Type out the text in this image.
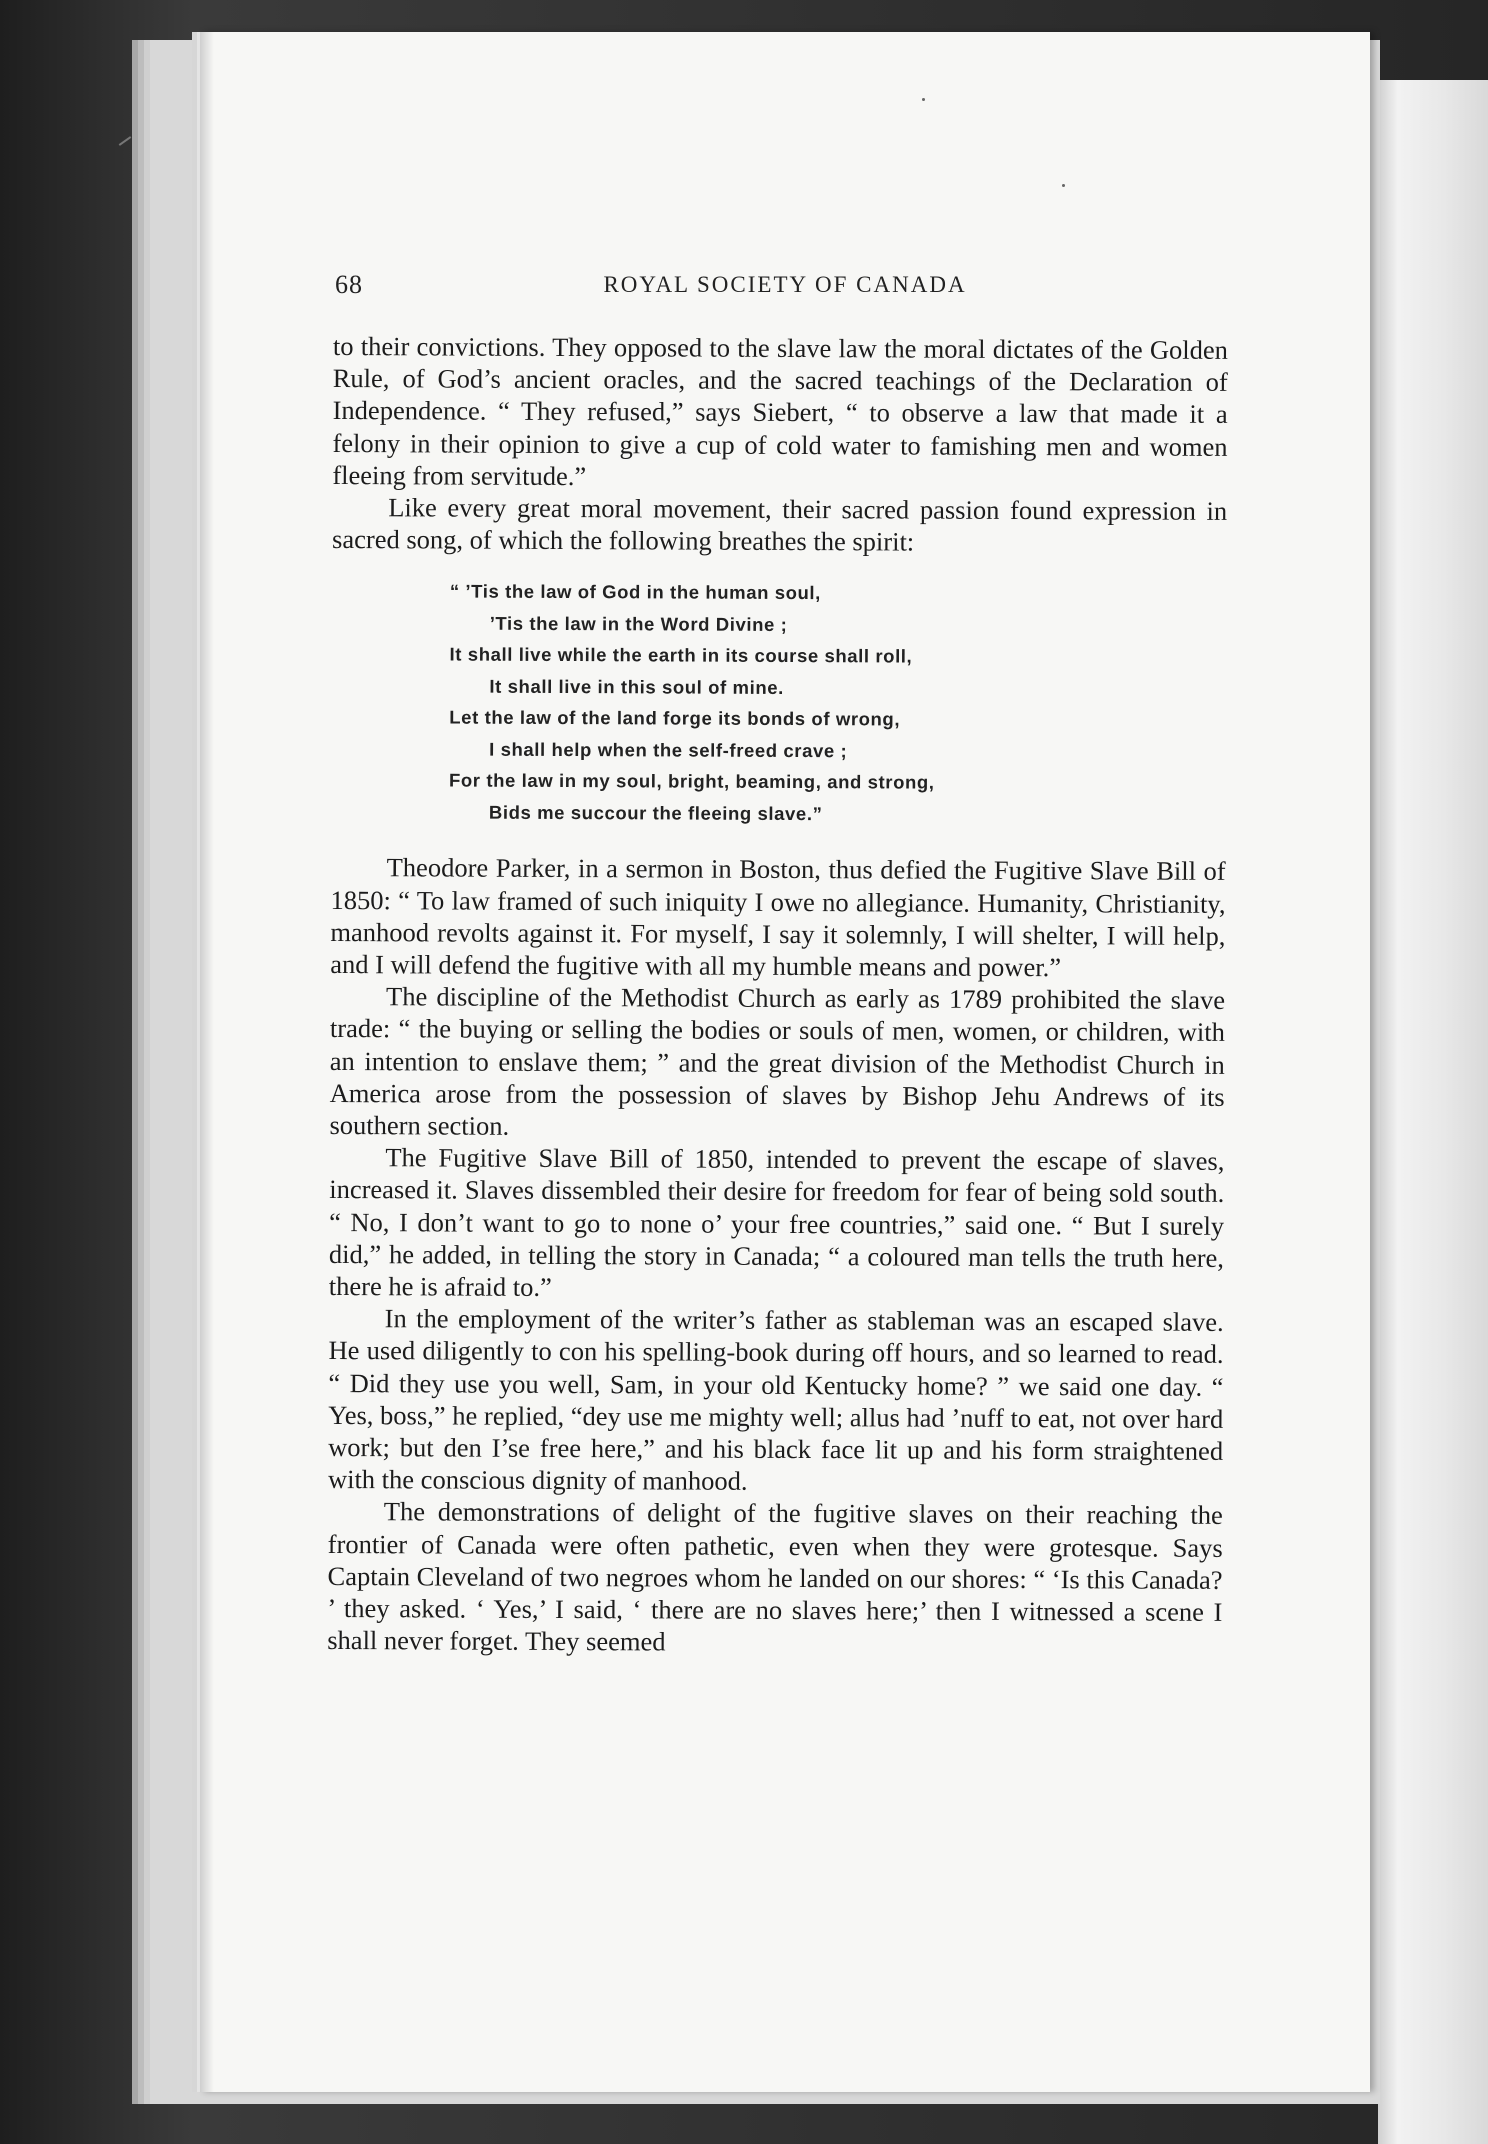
68	ROYAL SOCIETY OF CANADA

to their convictions. They opposed to the slave law the moral dictates of the Golden Rule, of God’s ancient oracles, and the sacred teachings of the Declaration of Independence. “ They refused,” says Siebert, “ to observe a law that made it a felony in their opinion to give a cup of cold water to famishing men and women fleeing from servitude.”

Like every great moral movement, their sacred passion found expression in sacred song, of which the following breathes the spirit:

“ ’Tis the law of God in the human soul,
’Tis the law in the Word Divine ;
It shall live while the earth in its course shall roll,
It shall live in this soul of mine.
Let the law of the land forge its bonds of wrong,
I shall help when the self-freed crave ;
For the law in my soul, bright, beaming, and strong,
Bids me succour the fleeing slave.”

Theodore Parker, in a sermon in Boston, thus defied the Fugitive Slave Bill of 1850: “ To law framed of such iniquity I owe no allegiance. Humanity, Christianity, manhood revolts against it. For myself, I say it solemnly, I will shelter, I will help, and I will defend the fugitive with all my humble means and power.”

The discipline of the Methodist Church as early as 1789 prohibited the slave trade: “ the buying or selling the bodies or souls of men, women, or children, with an intention to enslave them; ” and the great division of the Methodist Church in America arose from the possession of slaves by Bishop Jehu Andrews of its southern section.

The Fugitive Slave Bill of 1850, intended to prevent the escape of slaves, increased it. Slaves dissembled their desire for freedom for fear of being sold south. “ No, I don’t want to go to none o’ your free countries,” said one. “ But I surely did,” he added, in telling the story in Canada; “ a coloured man tells the truth here, there he is afraid to.”

In the employment of the writer’s father as stableman was an escaped slave. He used diligently to con his spelling-book during off hours, and so learned to read. “ Did they use you well, Sam, in your old Kentucky home? ” we said one day. “ Yes, boss,” he replied, “dey use me mighty well; allus had ’nuff to eat, not over hard work; but den I’se free here,” and his black face lit up and his form straightened with the conscious dignity of manhood.

The demonstrations of delight of the fugitive slaves on their reaching the frontier of Canada were often pathetic, even when they were grotesque. Says Captain Cleveland of two negroes whom he landed on our shores: “ ‘Is this Canada? ’ they asked. ‘ Yes,’ I said, ‘ there are no slaves here;’ then I witnessed a scene I shall never forget. They seemed
